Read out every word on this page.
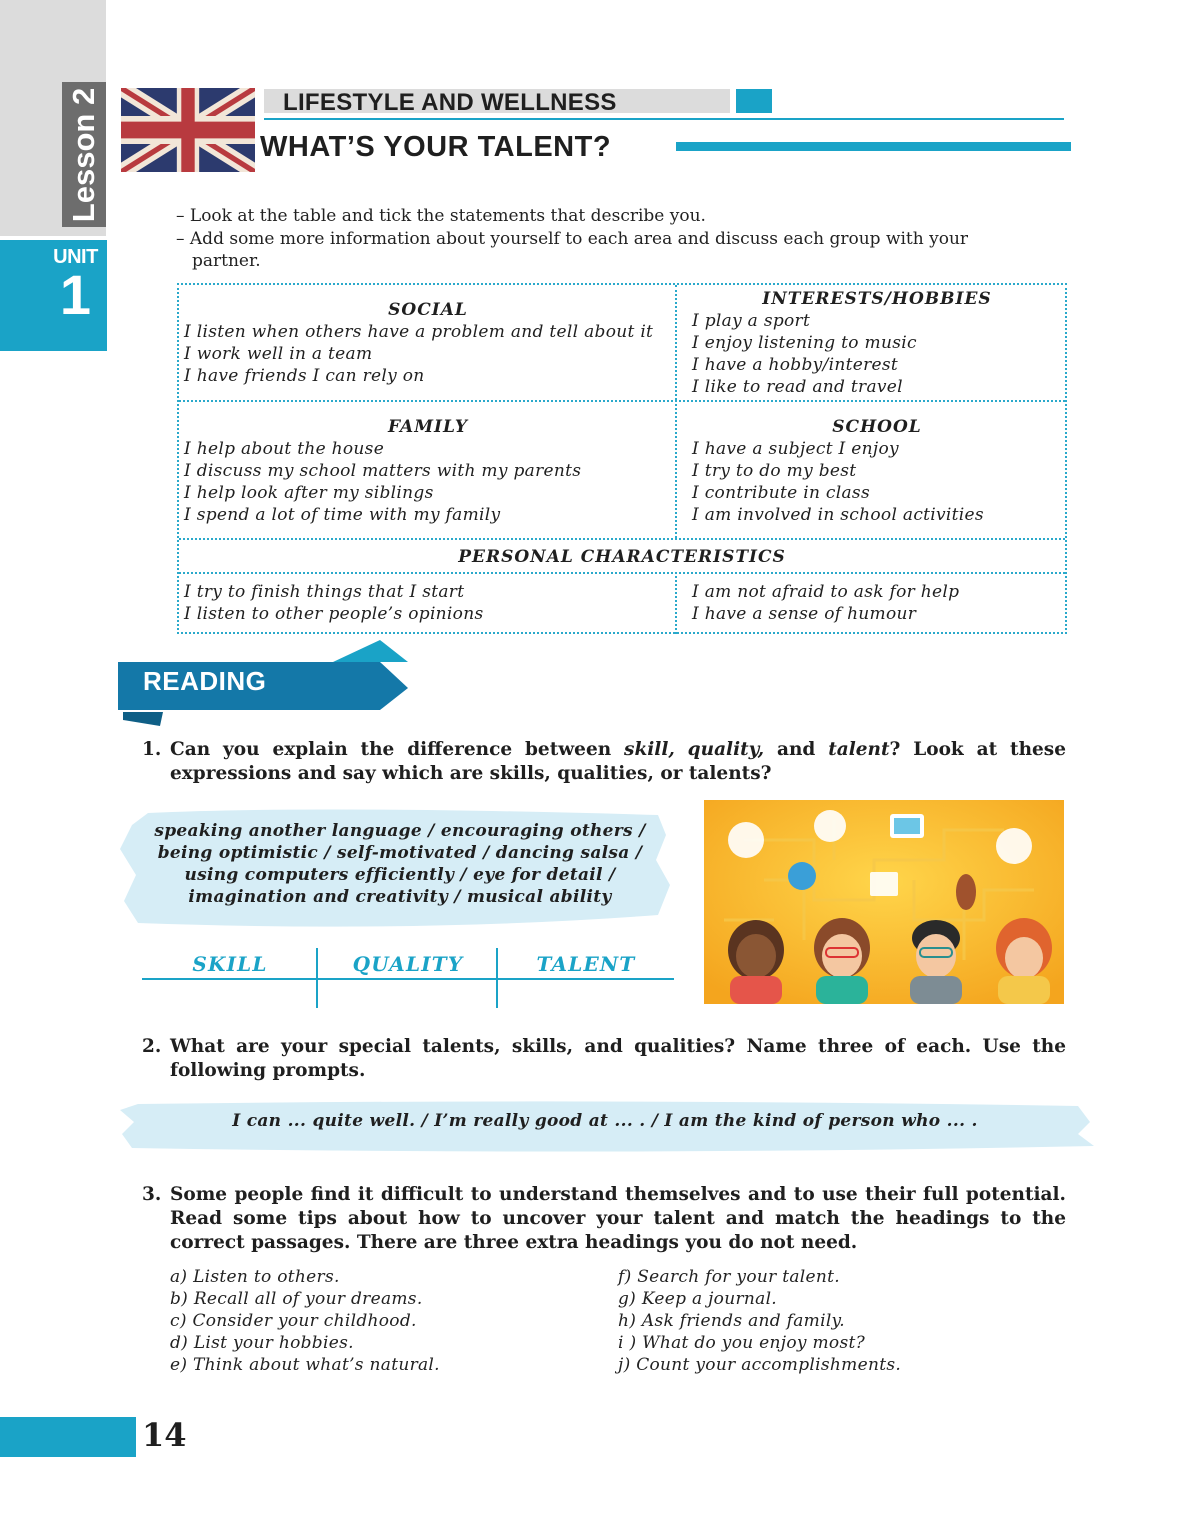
Lesson 2
UNIT
1
LIFESTYLE AND WELLNESS
WHAT’S YOUR TALENT?
– Look at the table and tick the statements that describe you.
– Add some more information about yourself to each area and discuss each group with your
partner.

SOCIAL

I listen when others have a problem and tell about it

I work well in a team

I have friends I can rely on

INTERESTS/HOBBIES

I play a sport

I enjoy listening to music

I have a hobby/interest

I like to read and travel

FAMILY

I help about the house

I discuss my school matters with my parents

I help look after my siblings

I spend a lot of time with my family

SCHOOL

I have a subject I enjoy

I try to do my best

I contribute in class

I am involved in school activities

PERSONAL CHARACTERISTICS

I try to finish things that I start

I listen to other people’s opinions

I am not afraid to ask for help

I have a sense of humour

READING
1. Can you explain the difference between skill, quality, and talent? Look at these expressions and say which are skills, qualities, or talents?

speaking another language / encouraging others /

being optimistic / self-motivated / dancing salsa /

using computers efficiently / eye for detail /

imagination and creativity / musical ability

SKILL	QUALITY	TALENT
2. What are your special talents, skills, and qualities? Name three of each. Use the following prompts.
I can ... quite well. / I’m really good at ... . / I am the kind of person who ... .
3. Some people find it difficult to understand themselves and to use their full potential. Read some tips about how to uncover your talent and match the headings to the correct passages. There are three extra headings you do not need.
a) Listen to others.
b) Recall all of your dreams.
c) Consider your childhood.
d) List your hobbies.
e) Think about what’s natural.
f) Search for your talent.
g) Keep a journal.
h) Ask friends and family.
i ) What do you enjoy most?
j) Count your accomplishments.
14
